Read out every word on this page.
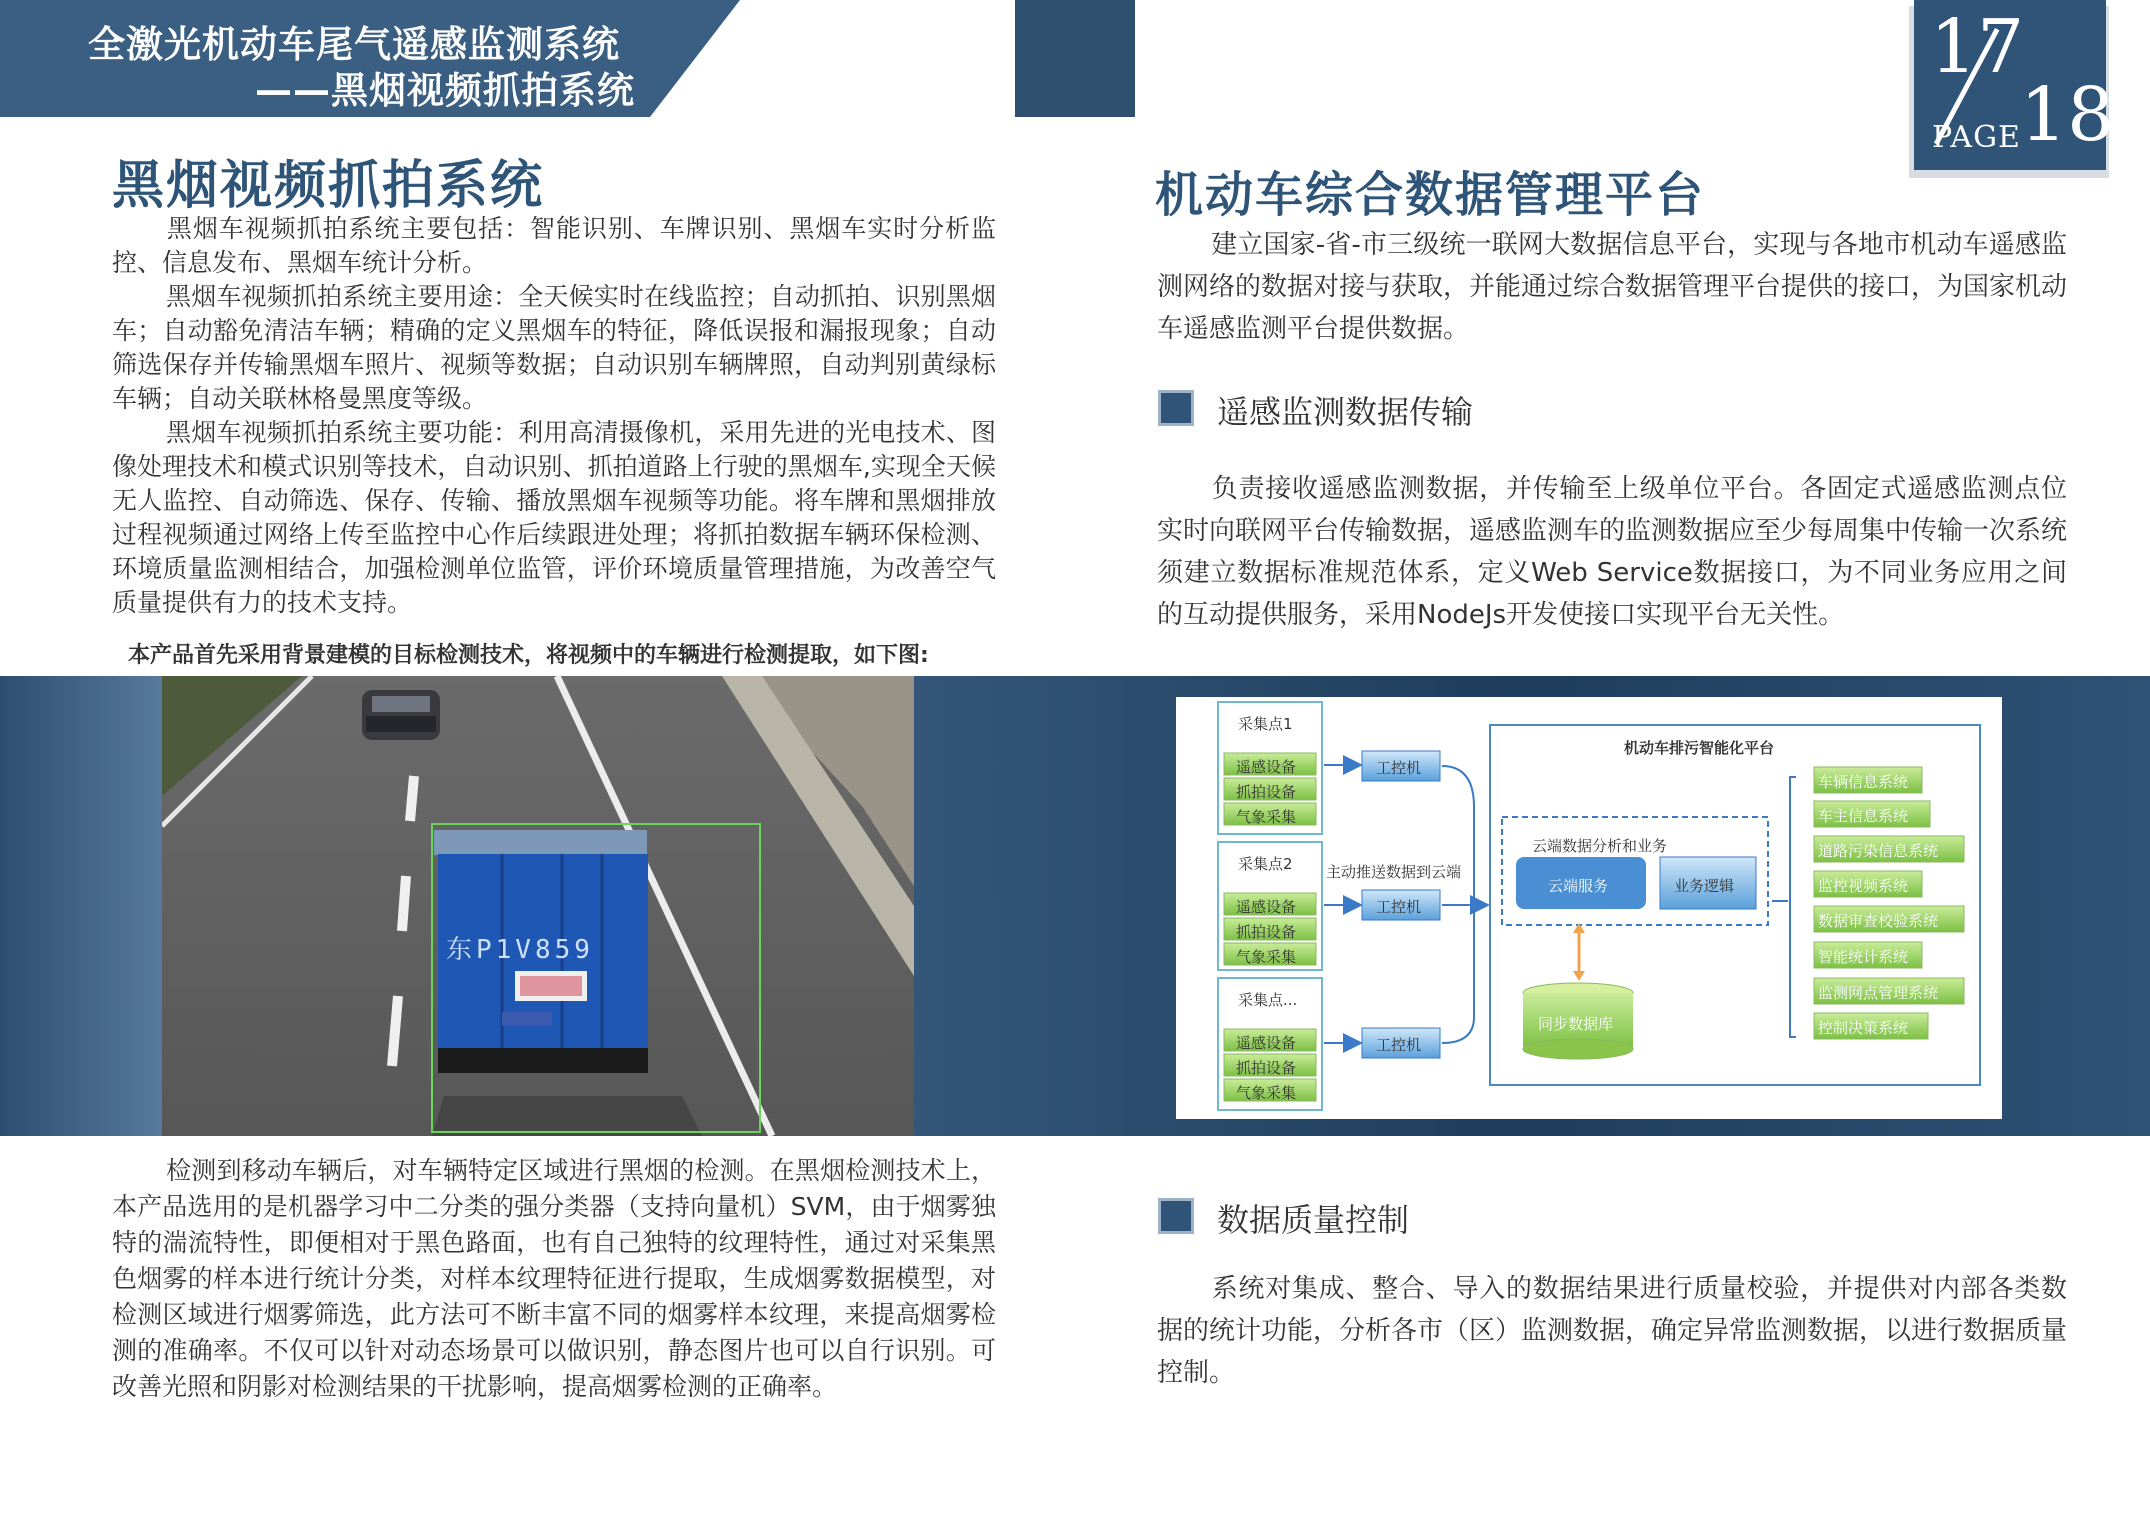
全激光机动车尾气遥感监测系统
——黑烟视频抓拍系统
17
PAGE 18
黑烟视频抓拍系统

黑烟车视频抓拍系统主要包括：智能识别、车牌识别、黑烟车实时分析监控、信息发布、黑烟车统计分析。

黑烟车视频抓拍系统主要用途：全天候实时在线监控；自动抓拍、识别黑烟车；自动豁免清洁车辆；精确的定义黑烟车的特征，降低误报和漏报现象；自动筛选保存并传输黑烟车照片、视频等数据；自动识别车辆牌照，自动判别黄绿标车辆；自动关联林格曼黑度等级。

黑烟车视频抓拍系统主要功能：利用高清摄像机，采用先进的光电技术、图像处理技术和模式识别等技术，自动识别、抓拍道路上行驶的黑烟车,实现全天候无人监控、自动筛选、保存、传输、播放黑烟车视频等功能。将车牌和黑烟排放过程视频通过网络上传至监控中心作后续跟进处理；将抓拍数据车辆环保检测、环境质量监测相结合，加强检测单位监管，评价环境质量管理措施，为改善空气质量提供有力的技术支持。

本产品首先采用背景建模的目标检测技术，将视频中的车辆进行检测提取，如下图:
机动车综合数据管理平台

建立国家-省-市三级统一联网大数据信息平台，实现与各地市机动车遥感监测网络的数据对接与获取，并能通过综合数据管理平台提供的接口，为国家机动车遥感监测平台提供数据。

遥感监测数据传输

负责接收遥感监测数据，并传输至上级单位平台。各固定式遥感监测点位实时向联网平台传输数据，遥感监测车的监测数据应至少每周集中传输一次系统须建立数据标准规范体系，定义Web Service数据接口，为不同业务应用之间的互动提供服务，采用NodeJs开发使接口实现平台无关性。

东P1V859
采集点1
遥感设备
抓拍设备
气象采集
采集点2
遥感设备
抓拍设备
气象采集
采集点...
遥感设备
抓拍设备
气象采集
工控机
工控机
工控机
主动推送数据到云端
机动车排污智能化平台
云端数据分析和业务
云端服务	业务逻辑
同步数据库
车辆信息系统
车主信息系统
道路污染信息系统
监控视频系统
数据审查校验系统
智能统计系统
监测网点管理系统
控制决策系统

检测到移动车辆后，对车辆特定区域进行黑烟的检测。在黑烟检测技术上，本产品选用的是机器学习中二分类的强分类器（支持向量机）SVM，由于烟雾独特的湍流特性，即便相对于黑色路面，也有自己独特的纹理特性，通过对采集黑色烟雾的样本进行统计分类，对样本纹理特征进行提取，生成烟雾数据模型，对检测区域进行烟雾筛选，此方法可不断丰富不同的烟雾样本纹理，来提高烟雾检测的准确率。不仅可以针对动态场景可以做识别，静态图片也可以自行识别。可改善光照和阴影对检测结果的干扰影响，提高烟雾检测的正确率。

数据质量控制

系统对集成、整合、导入的数据结果进行质量校验，并提供对内部各类数据的统计功能，分析各市（区）监测数据，确定异常监测数据，以进行数据质量控制。
